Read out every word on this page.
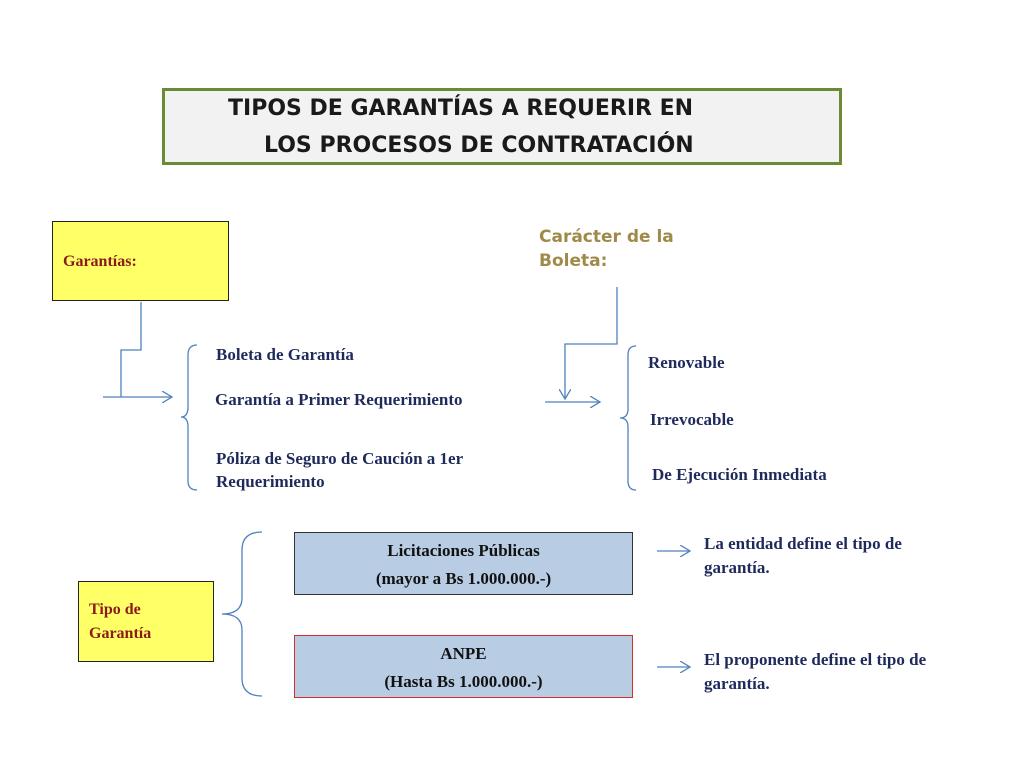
TIPOS DE GARANTÍAS A REQUERIR EN
LOS PROCESOS DE CONTRATACIÓN
Garantías:
Boleta de Garantía
Garantía a Primer Requerimiento
Póliza de Seguro de Caución a 1er
Requerimiento
Carácter de la
Boleta:
Renovable
Irrevocable
De Ejecución Inmediata
Tipo de
Garantía
Licitaciones Públicas
(mayor a Bs 1.000.000.-)
ANPE
(Hasta Bs 1.000.000.-)
La entidad define el tipo de
garantía.
El proponente define el tipo de
garantía.
